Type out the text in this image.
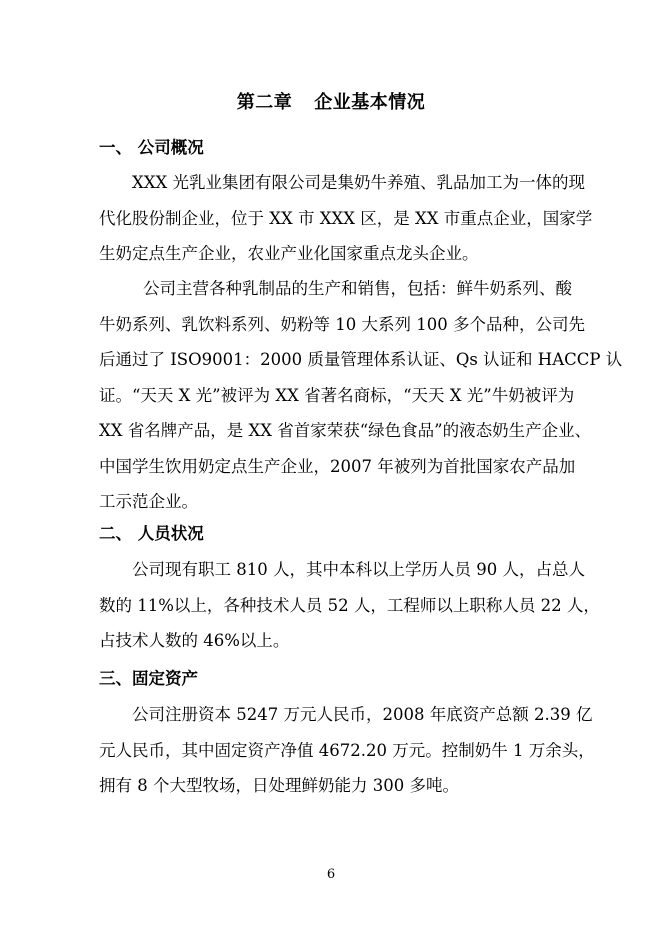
第二章 企业基本情况
一、 公司概况
XXX 光乳业集团有限公司是集奶牛养殖、乳品加工为一体的现
代化股份制企业，位于 XX 市 XXX 区，是 XX 市重点企业，国家学
生奶定点生产企业，农业产业化国家重点龙头企业。
公司主营各种乳制品的生产和销售，包括：鲜牛奶系列、酸
牛奶系列、乳饮料系列、奶粉等 10 大系列 100 多个品种，公司先
后通过了 ISO9001：2000 质量管理体系认证、Qs 认证和 HACCP 认
证。“天天 X 光”被评为 XX 省著名商标，“天天 X 光”牛奶被评为
XX 省名牌产品，是 XX 省首家荣获“绿色食品”的液态奶生产企业、
中国学生饮用奶定点生产企业，2007 年被列为首批国家农产品加
工示范企业。
二、 人员状况
公司现有职工 810 人，其中本科以上学历人员 90 人，占总人
数的 11%以上，各种技术人员 52 人，工程师以上职称人员 22 人，
占技术人数的 46%以上。
三、固定资产
公司注册资本 5247 万元人民币，2008 年底资产总额 2.39 亿
元人民币，其中固定资产净值 4672.20 万元。控制奶牛 1 万余头，
拥有 8 个大型牧场，日处理鲜奶能力 300 多吨。
6
